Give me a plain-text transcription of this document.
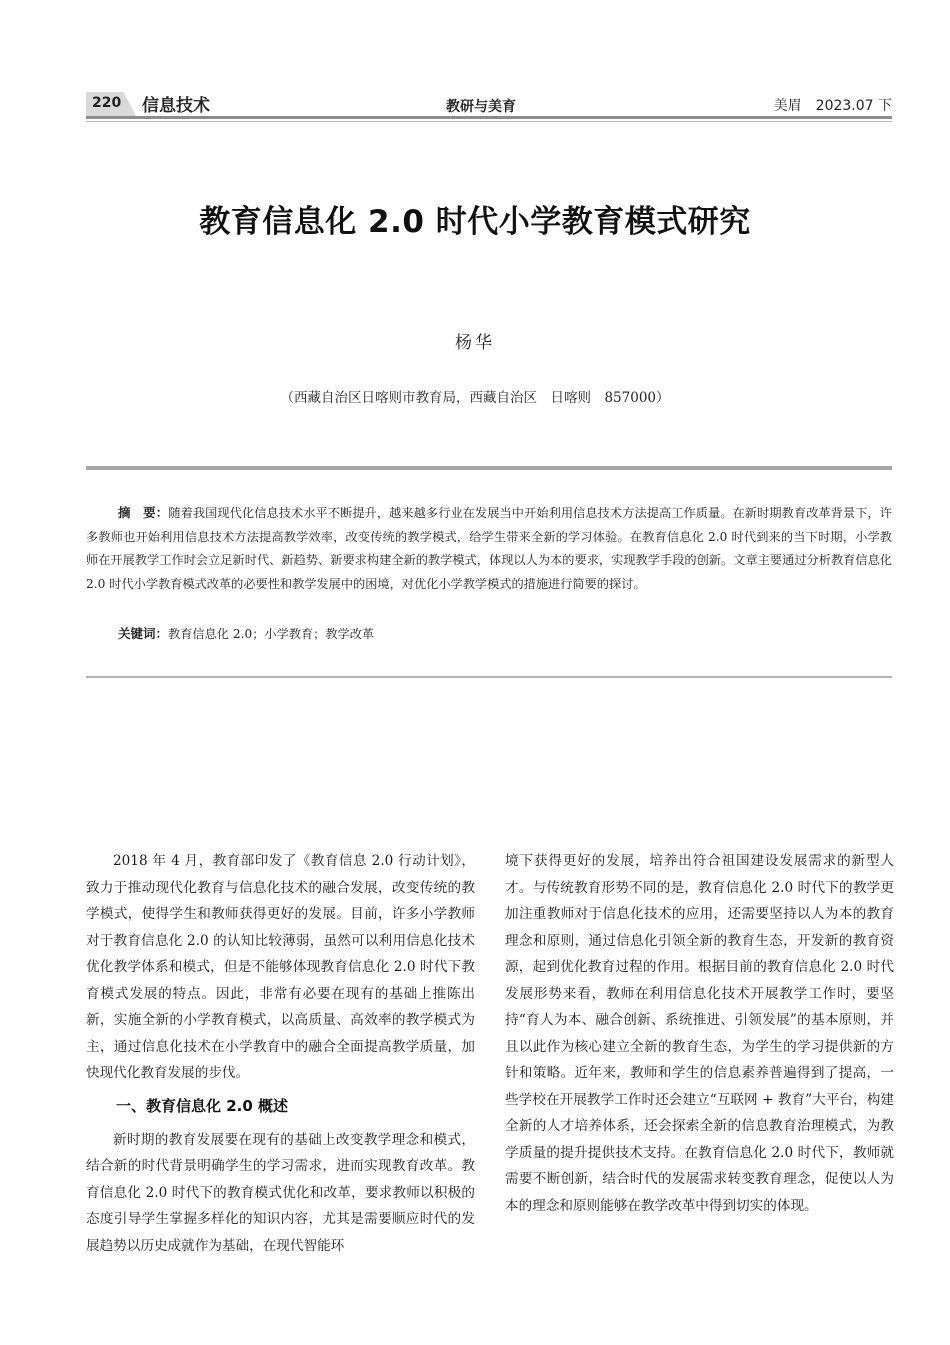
220 信息技术	教研与美育	美眉　2023.07 下
教育信息化 2.0 时代小学教育模式研究
杨华
（西藏自治区日喀则市教育局，西藏自治区　日喀则　857000）

摘　要：随着我国现代化信息技术水平不断提升，越来越多行业在发展当中开始利用信息技术方法提高工作质量。在新时期教育改革背景下，许多教师也开始利用信息技术方法提高教学效率，改变传统的教学模式，给学生带来全新的学习体验。在教育信息化 2.0 时代到来的当下时期，小学教师在开展教学工作时会立足新时代、新趋势、新要求构建全新的教学模式，体现以人为本的要求，实现教学手段的创新。文章主要通过分析教育信息化 2.0 时代小学教育模式改革的必要性和教学发展中的困境，对优化小学教学模式的措施进行简要的探讨。

关键词：教育信息化 2.0；小学教育；教学改革

2018 年 4 月，教育部印发了《教育信息 2.0 行动计划》，致力于推动现代化教育与信息化技术的融合发展，改变传统的教学模式，使得学生和教师获得更好的发展。目前，许多小学教师对于教育信息化 2.0 的认知比较薄弱，虽然可以利用信息化技术优化教学体系和模式，但是不能够体现教育信息化 2.0 时代下教育模式发展的特点。因此，非常有必要在现有的基础上推陈出新，实施全新的小学教育模式，以高质量、高效率的教学模式为主，通过信息化技术在小学教育中的融合全面提高教学质量，加快现代化教育发展的步伐。

一、教育信息化 2.0 概述

新时期的教育发展要在现有的基础上改变教学理念和模式，结合新的时代背景明确学生的学习需求，进而实现教育改革。教育信息化 2.0 时代下的教育模式优化和改革，要求教师以积极的态度引导学生掌握多样化的知识内容，尤其是需要顺应时代的发展趋势以历史成就作为基础，在现代智能环

境下获得更好的发展，培养出符合祖国建设发展需求的新型人才。与传统教育形势不同的是，教育信息化 2.0 时代下的教学更加注重教师对于信息化技术的应用，还需要坚持以人为本的教育理念和原则，通过信息化引领全新的教育生态，开发新的教育资源，起到优化教育过程的作用。根据目前的教育信息化 2.0 时代发展形势来看，教师在利用信息化技术开展教学工作时，要坚持“育人为本、融合创新、系统推进、引领发展”的基本原则，并且以此作为核心建立全新的教育生态，为学生的学习提供新的方针和策略。近年来，教师和学生的信息素养普遍得到了提高，一些学校在开展教学工作时还会建立“互联网 + 教育”大平台，构建全新的人才培养体系，还会探索全新的信息教育治理模式，为教学质量的提升提供技术支持。在教育信息化 2.0 时代下，教师就需要不断创新，结合时代的发展需求转变教育理念，促使以人为本的理念和原则能够在教学改革中得到切实的体现。
